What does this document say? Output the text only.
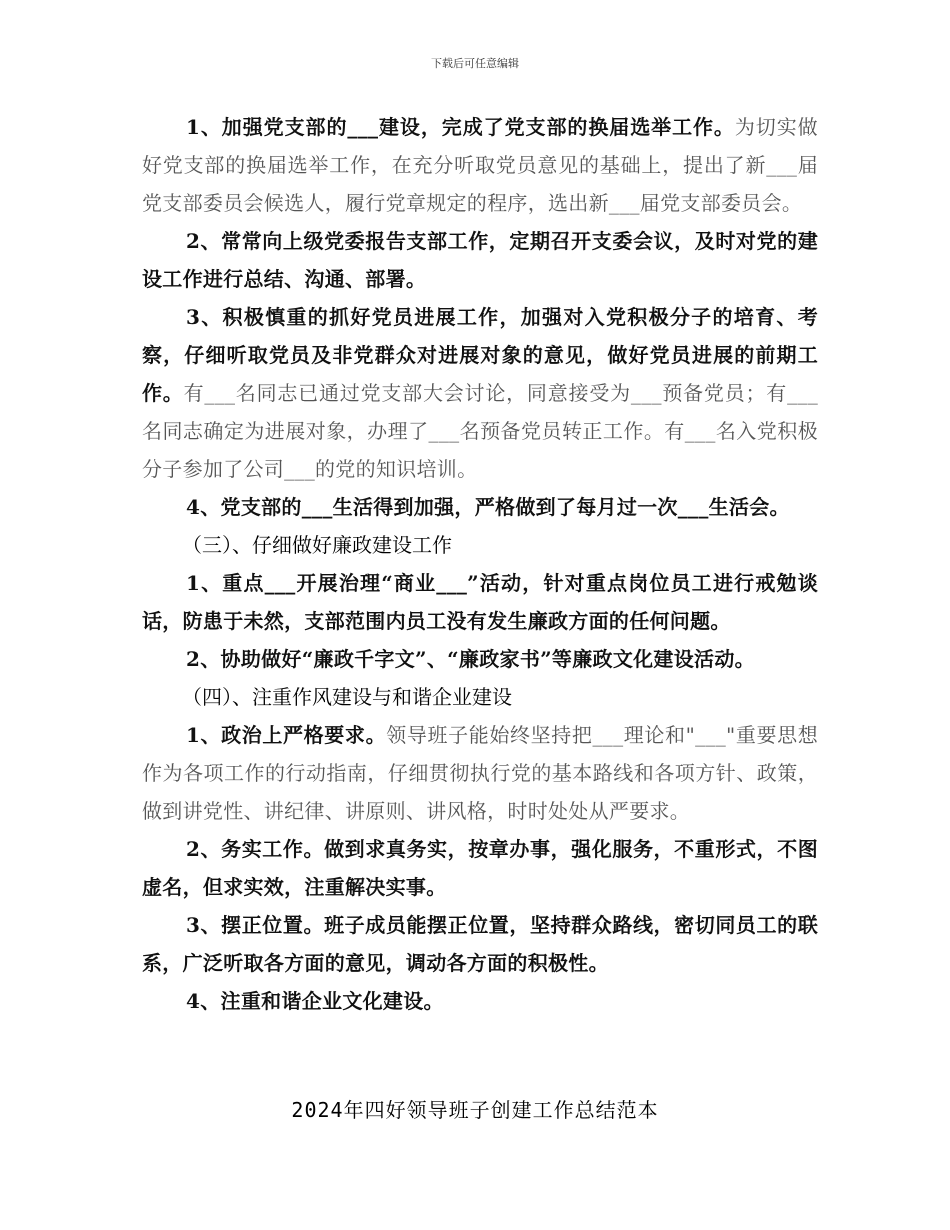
下载后可任意编辑

1、加强党支部的___建设，完成了党支部的换届选举工作。为切实做好党支部的换届选举工作，在充分听取党员意见的基础上，提出了新___届党支部委员会候选人，履行党章规定的程序，选出新___届党支部委员会。

2、常常向上级党委报告支部工作，定期召开支委会议，及时对党的建设工作进行总结、沟通、部署。

3、积极慎重的抓好党员进展工作，加强对入党积极分子的培育、考察，仔细听取党员及非党群众对进展对象的意见，做好党员进展的前期工作。有___名同志已通过党支部大会讨论，同意接受为___预备党员；有___名同志确定为进展对象，办理了___名预备党员转正工作。有___名入党积极分子参加了公司___的党的知识培训。

4、党支部的___生活得到加强，严格做到了每月过一次___生活会。

（三）、仔细做好廉政建设工作

1、重点___开展治理“商业___”活动，针对重点岗位员工进行戒勉谈话，防患于未然，支部范围内员工没有发生廉政方面的任何问题。

2、协助做好“廉政千字文”、“廉政家书”等廉政文化建设活动。

（四）、注重作风建设与和谐企业建设

1、政治上严格要求。领导班子能始终坚持把___理论和"___"重要思想作为各项工作的行动指南，仔细贯彻执行党的基本路线和各项方针、政策，做到讲党性、讲纪律、讲原则、讲风格，时时处处从严要求。

2、务实工作。做到求真务实，按章办事，强化服务，不重形式，不图虚名，但求实效，注重解决实事。

3、摆正位置。班子成员能摆正位置，坚持群众路线，密切同员工的联系，广泛听取各方面的意见，调动各方面的积极性。

4、注重和谐企业文化建设。

2024年四好领导班子创建工作总结范本
